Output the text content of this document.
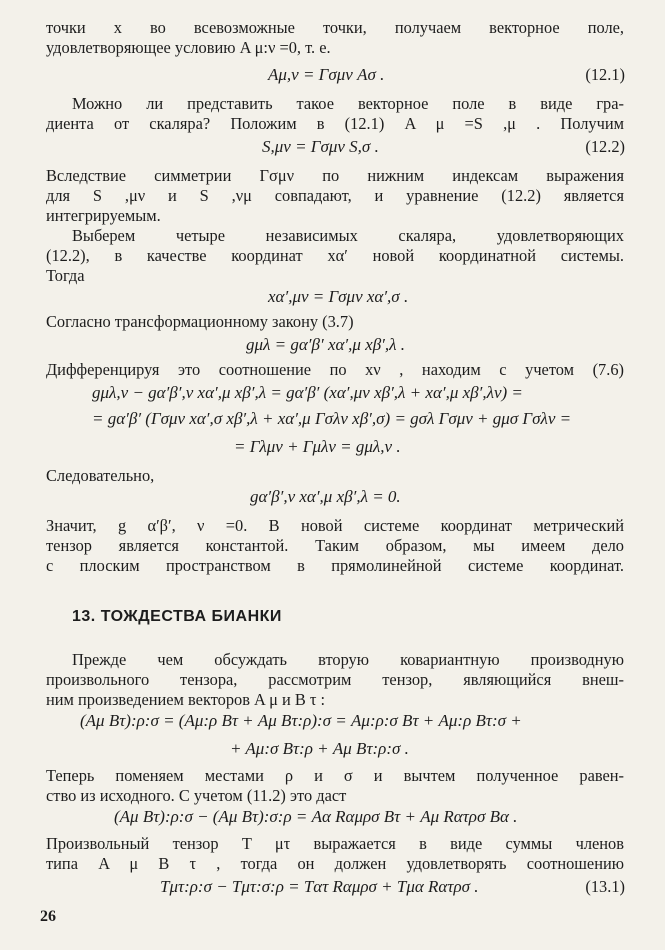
точки x во всевозможные точки, получаем векторное поле,
удовлетворяющее условию A μ:ν =0, т. е.
Aμ,ν = Γσμν Aσ .	(12.1)
Можно ли представить такое векторное поле в виде гра-
диента от скаляра? Положим в (12.1) A μ =S ,μ . Получим
S,μν = Γσμν S,σ .	(12.2)
Вследствие симметрии Γσμν по нижним индексам выражения
для S ,μν и S ,νμ совпадают, и уравнение (12.2) является
интегрируемым.
Выберем четыре независимых скаляра, удовлетворяющих
(12.2), в качестве координат xα′ новой координатной системы.
Тогда
xα′,μν = Γσμν xα′,σ .
Согласно трансформационному закону (3.7)
gμλ = gα′β′ xα′,μ xβ′,λ .
Дифференцируя это соотношение по xν , находим с учетом (7.6)
gμλ,ν − gα′β′,ν xα′,μ xβ′,λ = gα′β′ (xα′,μν xβ′,λ + xα′,μ xβ′,λν) =
= gα′β′ (Γσμν xα′,σ xβ′,λ + xα′,μ Γσλν xβ′,σ) = gσλ Γσμν + gμσ Γσλν =
= Γλμν + Γμλν = gμλ,ν .
Следовательно,
gα′β′,ν xα′,μ xβ′,λ = 0.
Значит, g α′β′, ν =0. В новой системе координат метрический
тензор является константой. Таким образом, мы имеем дело
с плоским пространством в прямолинейной системе координат.
13. ТОЖДЕСТВА БИАНКИ
Прежде чем обсуждать вторую ковариантную производную
произвольного тензора, рассмотрим тензор, являющийся внеш-
ним произведением векторов A μ и B τ :
(Aμ Bτ):ρ:σ = (Aμ:ρ Bτ + Aμ Bτ:ρ):σ = Aμ:ρ:σ Bτ + Aμ:ρ Bτ:σ +
+ Aμ:σ Bτ:ρ + Aμ Bτ:ρ:σ .
Теперь поменяем местами ρ и σ и вычтем полученное равен-
ство из исходного. С учетом (11.2) это даст
(Aμ Bτ):ρ:σ − (Aμ Bτ):σ:ρ = Aα Rαμρσ Bτ + Aμ Rατρσ Bα .
Произвольный тензор T μτ выражается в виде суммы членов
типа A μ B τ , тогда он должен удовлетворять соотношению
Tμτ:ρ:σ − Tμτ:σ:ρ = Tατ Rαμρσ + Tμα Rατρσ .	(13.1)
26
